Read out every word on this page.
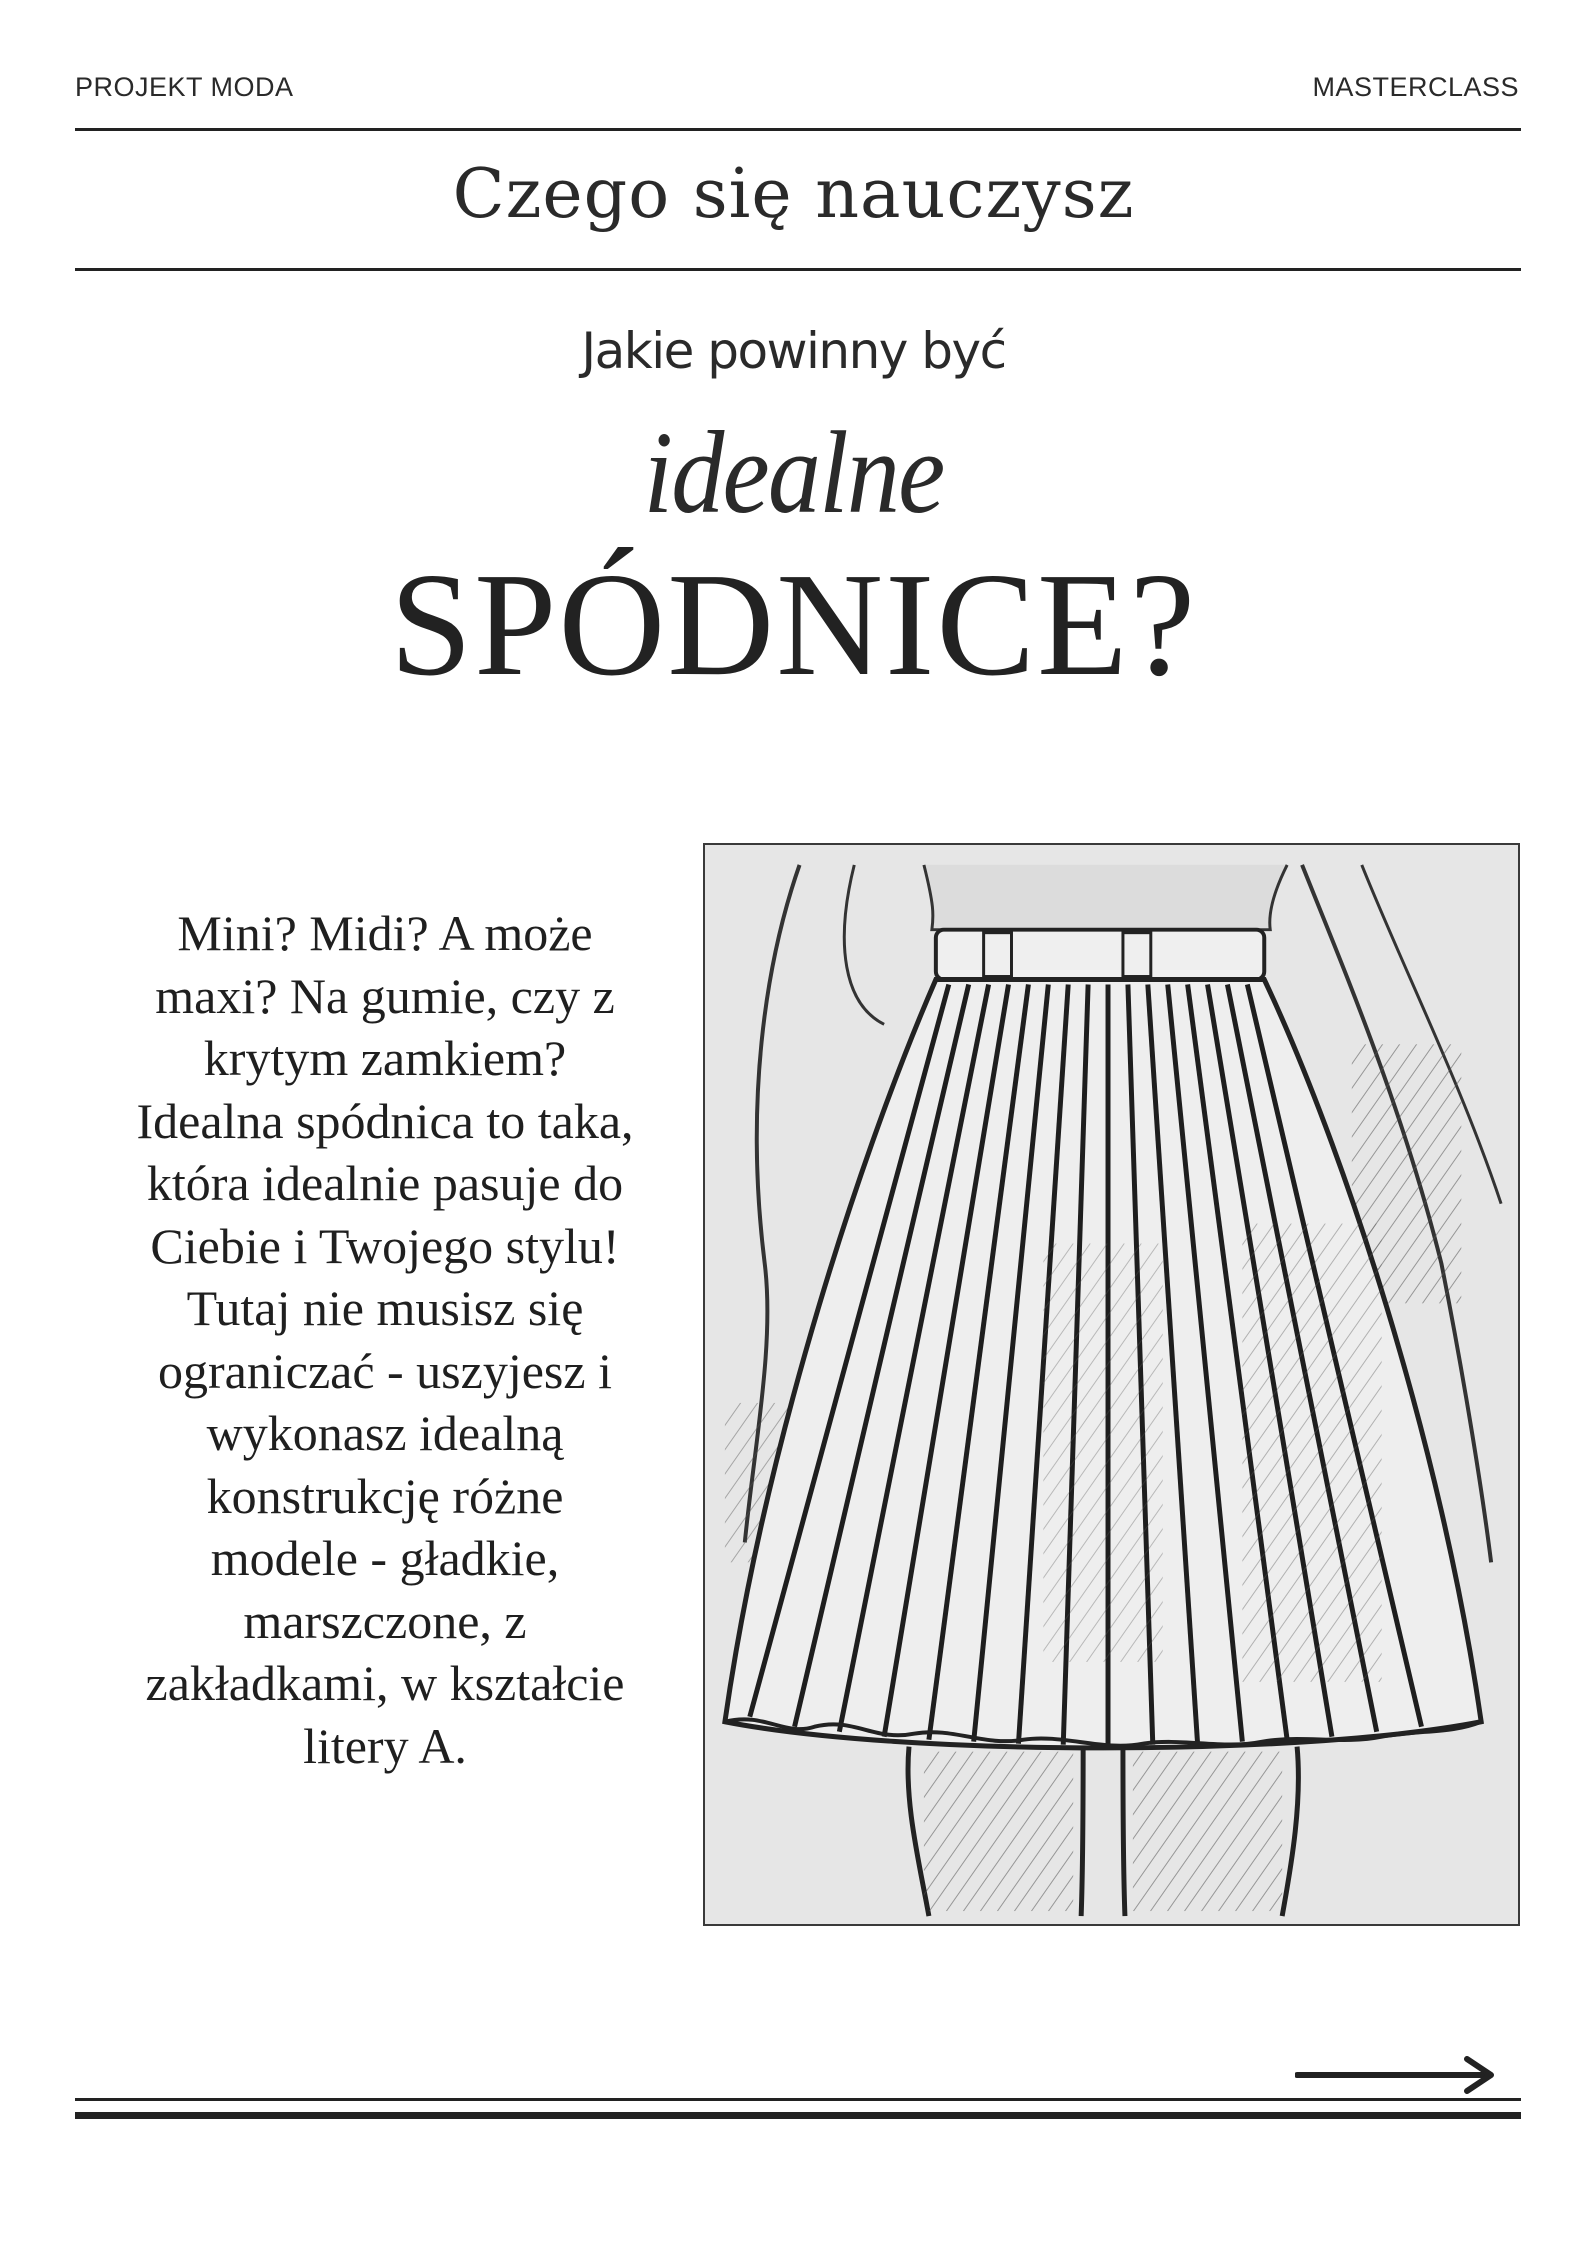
PROJEKT MODA	MASTERCLASS
Czego się nauczysz
Jakie powinny być
idealne
SPÓDNICE?
Mini? Midi? A może
maxi? Na gumie, czy z
krytym zamkiem?
Idealna spódnica to taka,
która idealnie pasuje do
Ciebie i Twojego stylu!
Tutaj nie musisz się
ograniczać - uszyjesz i
wykonasz idealną
konstrukcję różne
modele - gładkie,
marszczone, z
zakładkami, w kształcie
litery A.
